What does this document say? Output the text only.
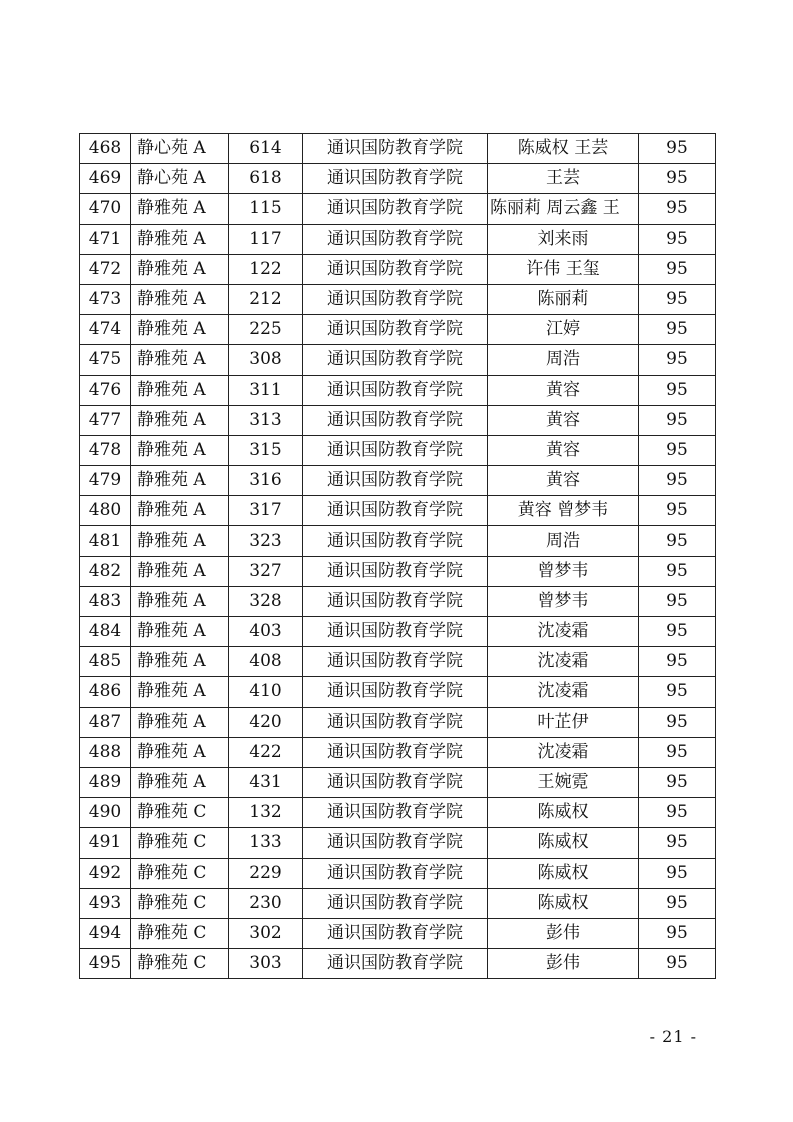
468	静心苑 A	614	通识国防教育学院	陈威权 王芸	95
469	静心苑 A	618	通识国防教育学院	王芸	95
470	静雅苑 A	115	通识国防教育学院	陈丽莉 周云鑫 王	95
471	静雅苑 A	117	通识国防教育学院	刘来雨	95
472	静雅苑 A	122	通识国防教育学院	许伟 王玺	95
473	静雅苑 A	212	通识国防教育学院	陈丽莉	95
474	静雅苑 A	225	通识国防教育学院	江婷	95
475	静雅苑 A	308	通识国防教育学院	周浩	95
476	静雅苑 A	311	通识国防教育学院	黄容	95
477	静雅苑 A	313	通识国防教育学院	黄容	95
478	静雅苑 A	315	通识国防教育学院	黄容	95
479	静雅苑 A	316	通识国防教育学院	黄容	95
480	静雅苑 A	317	通识国防教育学院	黄容 曾梦韦	95
481	静雅苑 A	323	通识国防教育学院	周浩	95
482	静雅苑 A	327	通识国防教育学院	曾梦韦	95
483	静雅苑 A	328	通识国防教育学院	曾梦韦	95
484	静雅苑 A	403	通识国防教育学院	沈凌霜	95
485	静雅苑 A	408	通识国防教育学院	沈凌霜	95
486	静雅苑 A	410	通识国防教育学院	沈凌霜	95
487	静雅苑 A	420	通识国防教育学院	叶芷伊	95
488	静雅苑 A	422	通识国防教育学院	沈凌霜	95
489	静雅苑 A	431	通识国防教育学院	王婉霓	95
490	静雅苑 C	132	通识国防教育学院	陈威权	95
491	静雅苑 C	133	通识国防教育学院	陈威权	95
492	静雅苑 C	229	通识国防教育学院	陈威权	95
493	静雅苑 C	230	通识国防教育学院	陈威权	95
494	静雅苑 C	302	通识国防教育学院	彭伟	95
495	静雅苑 C	303	通识国防教育学院	彭伟	95
- 21 -
